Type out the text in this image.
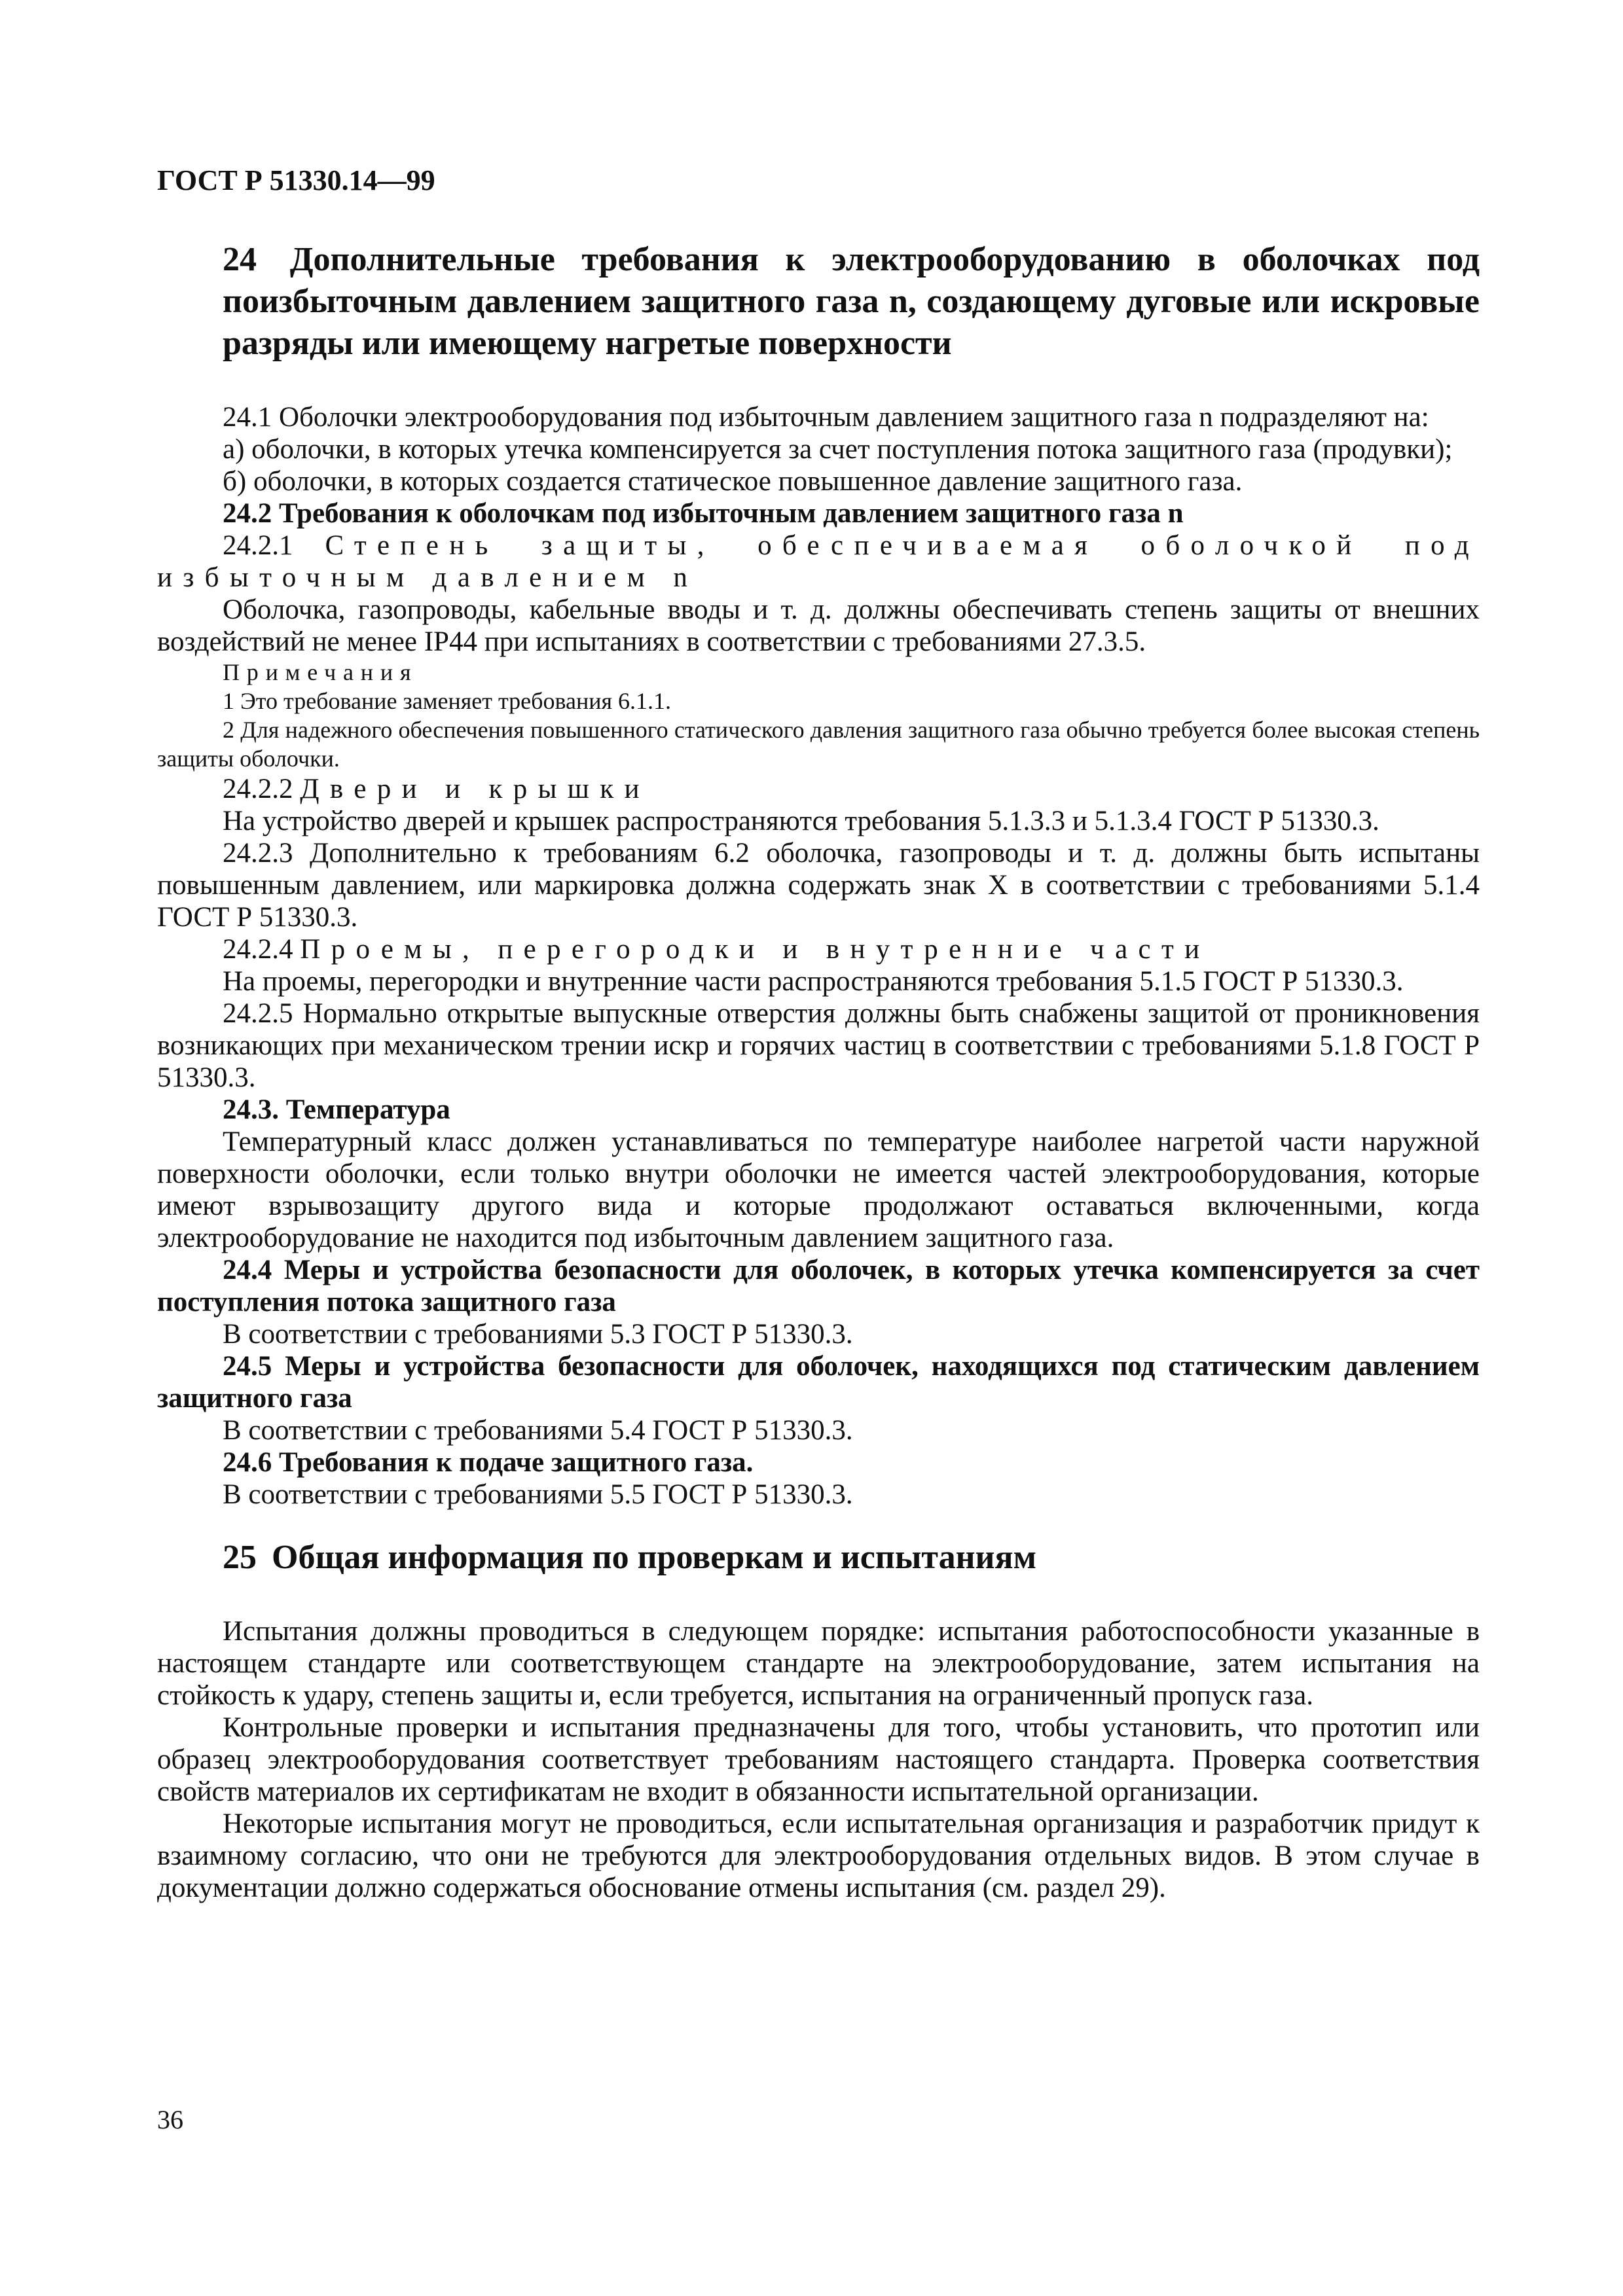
ГОСТ Р 51330.14—99
24 Дополнительные требования к электрооборудованию в оболочках под поизбыточным давлением защитного газа n, создающему дуговые или искровые разряды или имеющему нагретые поверхности

24.1 Оболочки электрооборудования под избыточным давлением защитного газа n подразделяют на:

а) оболочки, в которых утечка компенсируется за счет поступления потока защитного газа (продувки);

б) оболочки, в которых создается статическое повышенное давление защитного газа.

24.2 Требования к оболочкам под избыточным давлением защитного газа n

24.2.1 Степень защиты, обеспечиваемая оболочкой под избыточным давлением n

Оболочка, газопроводы, кабельные вводы и т. д. должны обеспечивать степень защиты от внешних воздействий не менее IP44 при испытаниях в соответствии с требованиями 27.3.5.

Примечания

1 Это требование заменяет требования 6.1.1.

2 Для надежного обеспечения повышенного статического давления защитного газа обычно требуется более высокая степень защиты оболочки.

24.2.2 Двери и крышки

На устройство дверей и крышек распространяются требования 5.1.3.3 и 5.1.3.4 ГОСТ Р 51330.3.

24.2.3 Дополнительно к требованиям 6.2 оболочка, газопроводы и т. д. должны быть испытаны повышенным давлением, или маркировка должна содержать знак X в соответствии с требованиями 5.1.4 ГОСТ Р 51330.3.

24.2.4 Проемы, перегородки и внутренние части

На проемы, перегородки и внутренние части распространяются требования 5.1.5 ГОСТ Р 51330.3.

24.2.5 Нормально открытые выпускные отверстия должны быть снабжены защитой от проникновения возникающих при механическом трении искр и горячих частиц в соответствии с требованиями 5.1.8 ГОСТ Р 51330.3.

24.3. Температура

Температурный класс должен устанавливаться по температуре наиболее нагретой части наружной поверхности оболочки, если только внутри оболочки не имеется частей электрооборудования, которые имеют взрывозащиту другого вида и которые продолжают оставаться включенными, когда электрооборудование не находится под избыточным давлением защитного газа.

24.4 Меры и устройства безопасности для оболочек, в которых утечка компенсируется за счет поступления потока защитного газа

В соответствии с требованиями 5.3 ГОСТ Р 51330.3.

24.5 Меры и устройства безопасности для оболочек, находящихся под статическим давлением защитного газа

В соответствии с требованиями 5.4 ГОСТ Р 51330.3.

24.6 Требования к подаче защитного газа.

В соответствии с требованиями 5.5 ГОСТ Р 51330.3.

25 Общая информация по проверкам и испытаниям

Испытания должны проводиться в следующем порядке: испытания работоспособности указанные в настоящем стандарте или соответствующем стандарте на электрооборудование, затем испытания на стойкость к удару, степень защиты и, если требуется, испытания на ограниченный пропуск газа.

Контрольные проверки и испытания предназначены для того, чтобы установить, что прототип или образец электрооборудования соответствует требованиям настоящего стандарта. Проверка соответствия свойств материалов их сертификатам не входит в обязанности испытательной организации.

Некоторые испытания могут не проводиться, если испытательная организация и разработчик придут к взаимному согласию, что они не требуются для электрооборудования отдельных видов. В этом случае в документации должно содержаться обоснование отмены испытания (см. раздел 29).

36
